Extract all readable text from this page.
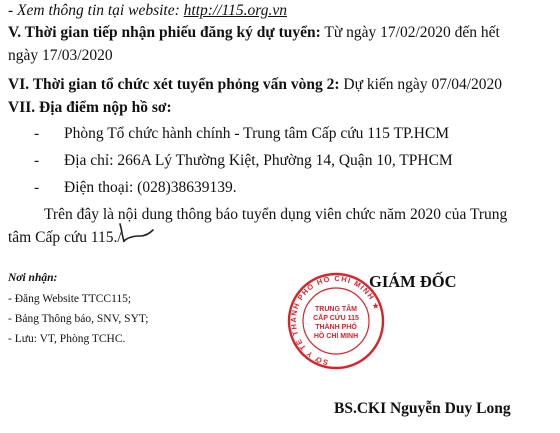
- Xem thông tin tại website: http://115.org.vn
V. Thời gian tiếp nhận phiếu đăng ký dự tuyển: Từ ngày 17/02/2020 đến hết
ngày 17/03/2020
VI. Thời gian tổ chức xét tuyển phỏng vấn vòng 2: Dự kiến ngày 07/04/2020
VII. Địa điểm nộp hồ sơ:
- Phòng Tổ chức hành chính - Trung tâm Cấp cứu 115 TP.HCM
- Địa chỉ: 266A Lý Thường Kiệt, Phường 14, Quận 10, TPHCM
- Điện thoại: (028)38639139.
Trên đây là nội dung thông báo tuyển dụng viên chức năm 2020 của Trung
tâm Cấp cứu 115./.
Nơi nhận:
- Đăng Website TTCC115;
- Bảng Thông báo, SNV, SYT;
- Lưu: VT, Phòng TCHC.
GIÁM ĐỐC
SỞ Y TẾ THÀNH PHỐ HỒ CHÍ MINH ★
TRUNG TÂM
CẤP CỨU 115
THÀNH PHỐ
HỒ CHÍ MINH
BS.CKI Nguyễn Duy Long
